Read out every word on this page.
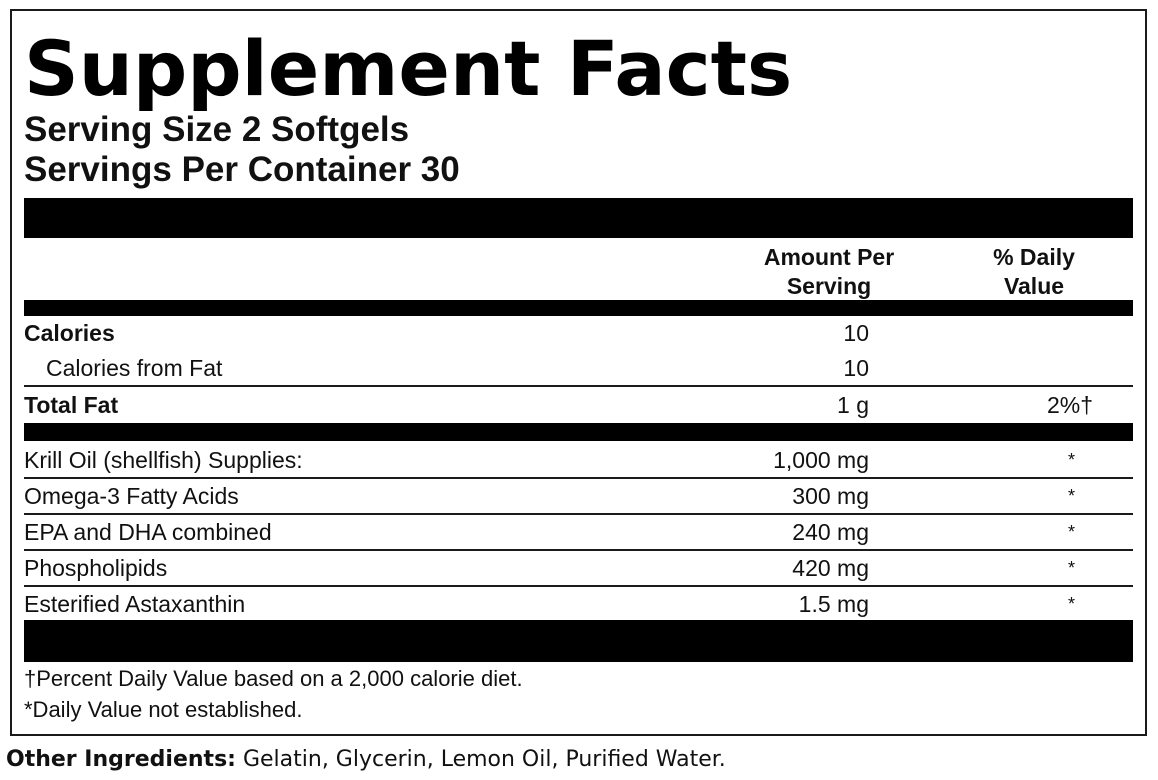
Supplement Facts
Serving Size 2 Softgels
Servings Per Container 30
Amount Per
Serving
% Daily
Value
Calories	10
Calories from Fat	10
Total Fat	1 g	2%†
Krill Oil (shellfish) Supplies:	1,000 mg	*
Omega-3 Fatty Acids	300 mg	*
EPA and DHA combined	240 mg	*
Phospholipids	420 mg	*
Esterified Astaxanthin	1.5 mg	*
†Percent Daily Value based on a 2,000 calorie diet.
*Daily Value not established.
Other Ingredients: Gelatin, Glycerin, Lemon Oil, Purified Water.
